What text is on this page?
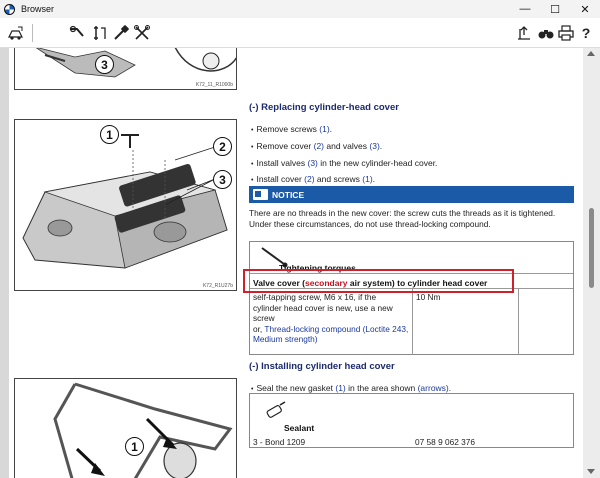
Browser	—	☐	✕
?
3
K72_11_R1000b
1
2
3
K72_R1U27b
1
(-) Replacing cylinder-head cover
• Remove screws (1).
• Remove cover (2) and valves (3).
• Install valves (3) in the new cylinder-head cover.
• Install cover (2) and screws (1).
NOTICE
There are no threads in the new cover: the screw cuts the threads as it is tightened. Under these circumstances, do not use thread-locking compound.
Tightening torques
Valve cover (secondary air system) to cylinder head cover
self-tapping screw, M6 x 16, if the
cylinder head cover is new, use a new
screw
or, Thread-locking compound (Loctite 243, Medium strength)
10 Nm
(-) Installing cylinder head cover
• Seal the new gasket (1) in the area shown (arrows).
Sealant
3 - Bond 1209	07 58 9 062 376
